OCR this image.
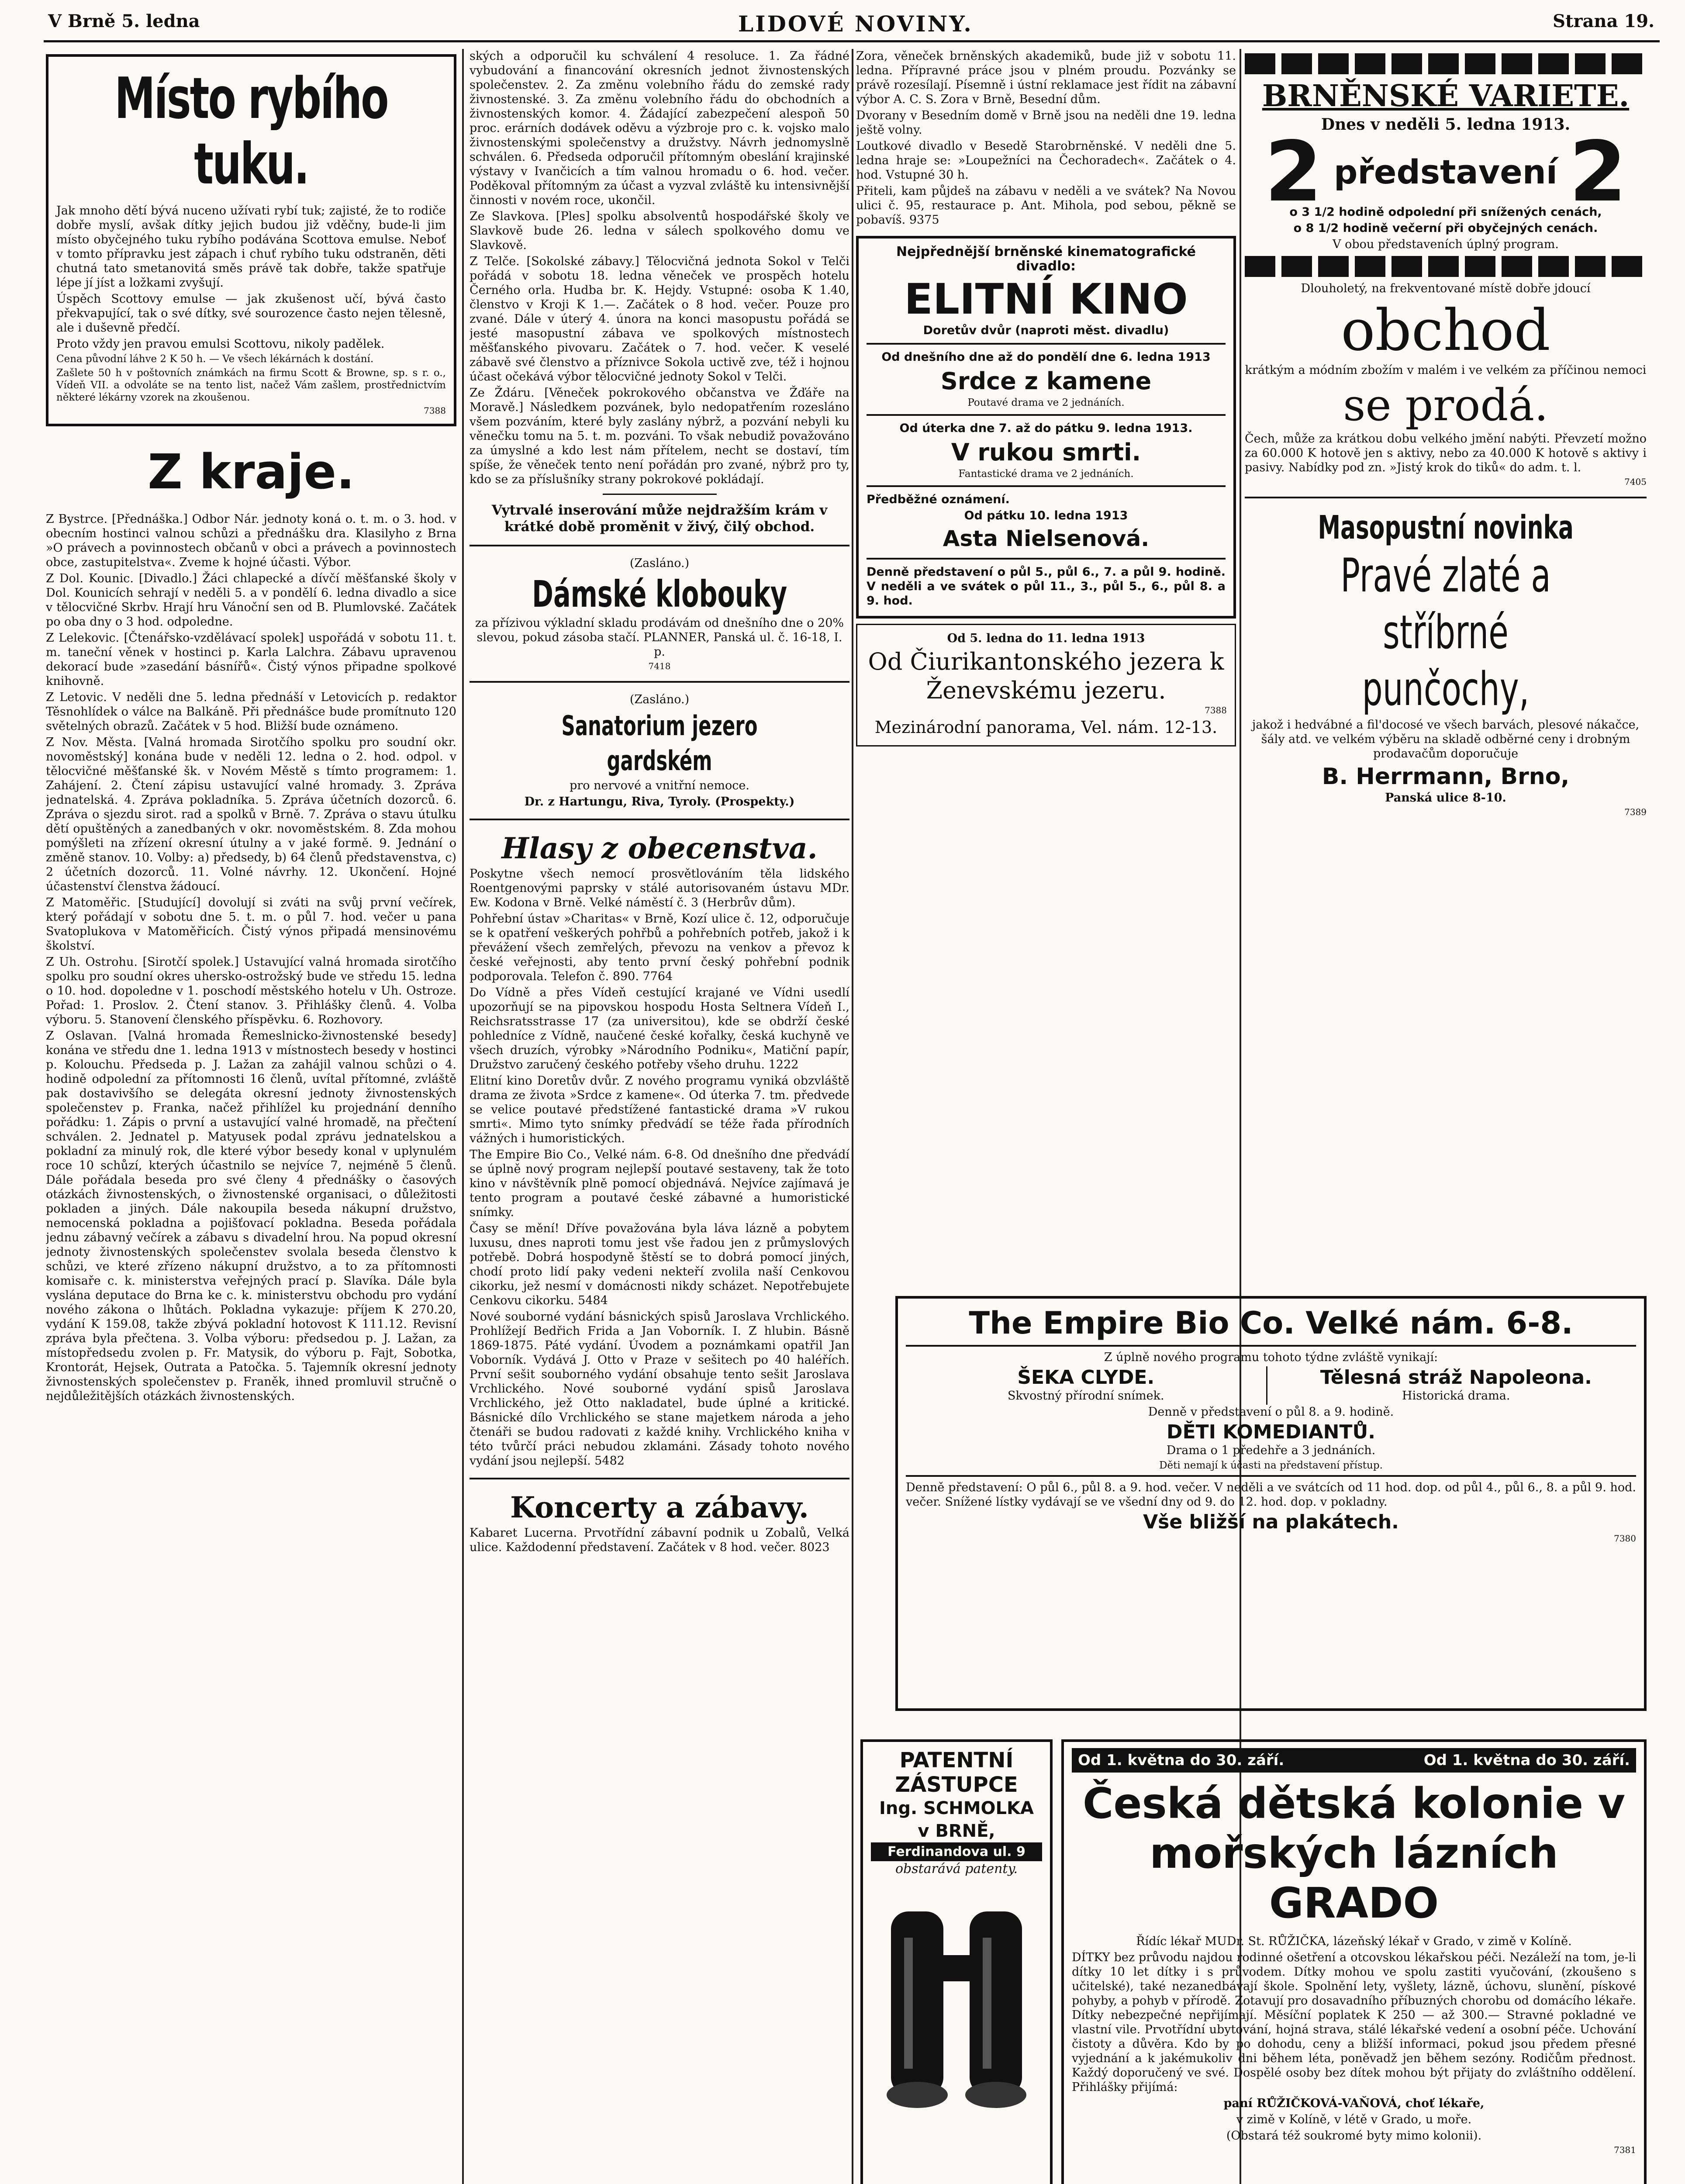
V Brně 5. ledna	LIDOVÉ NOVINY.	Strana 19.
Místo rybího tuku.

Jak mnoho dětí bývá nuceno užívati rybí tuk; zajisté, že to rodiče dobře myslí, avšak dítky jejich budou již vděčny, bude-li jim místo obyčejného tuku rybího podávána Scottova emulse. Neboť v tomto přípravku jest zápach i chuť rybího tuku odstraněn, děti chutná tato smetanovitá směs právě tak dobře, takže spatřuje lépe jí jíst a ložkami zvyšují.

Úspěch Scottovy emulse — jak zkušenost učí, bývá často překvapující, tak o své dítky, své sourozence často nejen tělesně, ale i duševně předčí.

Proto vždy jen pravou emulsi Scottovu, nikoly padělek.

Cena původní láhve 2 K 50 h. — Ve všech lékárnách k dostání.

Zašlete 50 h v poštovních známkách na firmu Scott & Browne, sp. s r. o., Vídeň VII. a odvoláte se na tento list, načež Vám zašlem, prostřednictvím některé lékárny vzorek na zkoušenou.

7388

Z kraje.

Z Bystrce. [Přednáška.] Odbor Nár. jednoty koná o. t. m. o 3. hod. v obecním hostinci valnou schůzi a přednášku dra. Klasilyho z Brna »O právech a povinnostech občanů v obci a právech a povinnostech obce, zastupitelstva«. Zveme k hojné účasti. Výbor.

Z Dol. Kounic. [Divadlo.] Žáci chlapecké a dívčí měšťanské školy v Dol. Kounicích sehrají v neděli 5. a v pondělí 6. ledna divadlo a sice v tělocvičné Skrbv. Hrají hru Vánoční sen od B. Plumlovské. Začátek po oba dny o 3 hod. odpoledne.

Z Lelekovic. [Čtenářsko-vzdělávací spolek] uspořádá v sobotu 11. t. m. taneční věnek v hostinci p. Karla Lalchra. Zábavu upravenou dekorací bude »zasedání básnířů«. Čistý výnos připadne spolkové knihovně.

Z Letovic. V neděli dne 5. ledna přednáší v Letovicích p. redaktor Těsnohlídek o válce na Balkáně. Při přednášce bude promítnuto 120 světelných obrazů. Začátek v 5 hod. Bližší bude oznámeno.

Z Nov. Města. [Valná hromada Sirotčího spolku pro soudní okr. novoměstský] konána bude v neděli 12. ledna o 2. hod. odpol. v tělocvičné měšťanské šk. v Novém Městě s tímto programem: 1. Zahájení. 2. Čtení zápisu ustavující valné hromady. 3. Zpráva jednatelská. 4. Zpráva pokladníka. 5. Zpráva účetních dozorců. 6. Zpráva o sjezdu sirot. rad a spolků v Brně. 7. Zpráva o stavu útulku dětí opuštěných a zanedbaných v okr. novoměstském. 8. Zda mohou pomýšleti na zřízení okresní útulny a v jaké formě. 9. Jednání o změně stanov. 10. Volby: a) předsedy, b) 64 členů představenstva, c) 2 účetních dozorců. 11. Volné návrhy. 12. Ukončení. Hojné účastenství členstva žádoucí.

Z Matoměřic. [Studující] dovolují si zváti na svůj první večírek, který pořádají v sobotu dne 5. t. m. o půl 7. hod. večer u pana Svatoplukova v Matoměřicích. Čistý výnos připadá mensinovému školství.

Z Uh. Ostrohu. [Sirotčí spolek.] Ustavující valná hromada sirotčího spolku pro soudní okres uhersko-ostrožský bude ve středu 15. ledna o 10. hod. dopoledne v 1. poschodí městského hotelu v Uh. Ostroze. Pořad: 1. Proslov. 2. Čtení stanov. 3. Přihlášky členů. 4. Volba výboru. 5. Stanovení členského příspěvku. 6. Rozhovory.

Z Oslavan. [Valná hromada Řemeslnicko-živnostenské besedy] konána ve středu dne 1. ledna 1913 v místnostech besedy v hostinci p. Kolouchu. Předseda p. J. Lažan za zahájil valnou schůzi o 4. hodině odpolední za přítomnosti 16 členů, uvítal přítomné, zvláště pak dostavivšího se delegáta okresní jednoty živnostenských společenstev p. Franka, načež přihlížel ku projednání denního pořádku: 1. Zápis o první a ustavující valné hromadě, na přečtení schválen. 2. Jednatel p. Matyusek podal zprávu jednatelskou a pokladní za minulý rok, dle které výbor besedy konal v uplynulém roce 10 schůzí, kterých účastnilo se nejvíce 7, nejméně 5 členů. Dále pořádala beseda pro své členy 4 přednášky o časových otázkách živnostenských, o živnostenské organisaci, o důležitosti pokladen a jiných. Dále nakoupila beseda nákupní družstvo, nemocenská pokladna a pojišťovací pokladna. Beseda pořádala jednu zábavný večírek a zábavu s divadelní hrou. Na popud okresní jednoty živnostenských společenstev svolala beseda členstvo k schůzi, ve které zřízeno nákupní družstvo, a to za přítomnosti komisaře c. k. ministerstva veřejných prací p. Slavíka. Dále byla vyslána deputace do Brna ke c. k. ministerstvu obchodu pro vydání nového zákona o lhůtách. Pokladna vykazuje: příjem K 270.20, vydání K 159.08, takže zbývá pokladní hotovost K 111.12. Revisní zpráva byla přečtena. 3. Volba výboru: předsedou p. J. Lažan, za místopředsedu zvolen p. Fr. Matysik, do výboru p. Fajt, Sobotka, Krontorát, Hejsek, Outrata a Patočka. 5. Tajemník okresní jednoty živnostenských společenstev p. Franěk, ihned promluvil stručně o nejdůležitějších otázkách živnostenských.

ských a odporučil ku schválení 4 resoluce. 1. Za řádné vybudování a financování okresních jednot živnostenských společenstev. 2. Za změnu volebního řádu do zemské rady živnostenské. 3. Za změnu volebního řádu do obchodních a živnostenských komor. 4. Žádající zabezpečení alespoň 50 proc. erárních dodávek oděvu a výzbroje pro c. k. vojsko malo živnostenskými společenstvy a družstvy. Návrh jednomyslně schválen. 6. Předseda odporučil přítomným obeslání krajinské výstavy v Ivančicích a tím valnou hromadu o 6. hod. večer. Poděkoval přítomným za účast a vyzval zvláště ku intensivnější činnosti v novém roce, ukončil.

Ze Slavkova. [Ples] spolku absolventů hospodářské školy ve Slavkově bude 26. ledna v sálech spolkového domu ve Slavkově.

Z Telče. [Sokolské zábavy.] Tělocvičná jednota Sokol v Telči pořádá v sobotu 18. ledna věneček ve prospěch hotelu Černého orla. Hudba br. K. Hejdy. Vstupné: osoba K 1.40, členstvo v Kroji K 1.—. Začátek o 8 hod. večer. Pouze pro zvané. Dále v úterý 4. února na konci masopustu pořádá se jesté masopustní zábava ve spolkových místnostech měšťanského pivovaru. Začátek o 7. hod. večer. K veselé zábavě své členstvo a příznivce Sokola uctivě zve, též i hojnou účast očekává výbor tělocvičné jednoty Sokol v Telči.

Ze Ždáru. [Věneček pokrokového občanstva ve Žďáře na Moravě.] Následkem pozvánek, bylo nedopatřením rozesláno všem pozváním, které byly zaslány nýbrž, a pozvání nebyli ku věnečku tomu na 5. t. m. pozváni. To však nebudiž považováno za úmyslné a kdo lest nám přítelem, necht se dostaví, tím spíše, že věneček tento není pořádán pro zvané, nýbrž pro ty, kdo se za příslušníky strany pokrokové pokládají.

Vytrvalé inserování může nejdražším krám v krátké době proměnit v živý, čilý obchod.

(Zasláno.)

Dámské klobouky

za přízivou výkladní skladu prodávám od dnešního dne o 20% slevou, pokud zásoba stačí. PLANNER, Panská ul. č. 16-18, I. p.

7418

(Zasláno.)

Sanatorium jezero gardském

pro nervové a vnitřní nemoce.

Dr. z Hartungu, Riva, Tyroly. (Prospekty.)

Hlasy z obecenstva.

Poskytne všech nemocí prosvětlováním těla lidského Roentgenovými paprsky v stálé autorisovaném ústavu MDr. Ew. Kodona v Brně. Velké náměstí č. 3 (Herbrův dům).

Pohřební ústav »Charitas« v Brně, Kozí ulice č. 12, odporučuje se k opatření veškerých pohřbů a pohřebních potřeb, jakož i k převážení všech zemřelých, převozu na venkov a převoz k české veřejnosti, aby tento první český pohřební podnik podporovala. Telefon č. 890. 7764

Do Vídně a přes Vídeň cestující krajané ve Vídni usedlí upozorňují se na pipovskou hospodu Hosta Seltnera Vídeň I., Reichsratsstrasse 17 (za universitou), kde se obdrží české pohledníce z Vídně, naučené české kořalky, česká kuchyně ve všech druzích, výrobky »Národního Podniku«, Matiční papír, Družstvo zaručený českého potřeby všeho druhu. 1222

Elitní kino Doretův dvůr. Z nového programu vyniká obzvláště drama ze života »Srdce z kamene«. Od úterka 7. tm. předvede se velice poutavé předstížené fantastické drama »V rukou smrti«. Mimo tyto snímky předvádí se téže řada přírodních vážných i humoristických.

The Empire Bio Co., Velké nám. 6-8. Od dnešního dne předvádí se úplně nový program nejlepší poutavé sestaveny, tak že toto kino v návštěvník plně pomocí objednává. Nejvíce zajímavá je tento program a poutavé české zábavné a humoristické snímky.

Časy se mění! Dříve považována byla láva lázně a pobytem luxusu, dnes naproti tomu jest vše řadou jen z průmyslových potřebě. Dobrá hospodyně štěstí se to dobrá pomocí jiných, chodí proto lidí paky vedeni nekteří zvolila naší Cenkovou cikorku, jež nesmí v domácnosti nikdy scházet. Nepotřebujete Cenkovu cikorku. 5484

Nové souborné vydání básnických spisů Jaroslava Vrchlického. Prohlížejí Bedřich Frida a Jan Voborník. I. Z hlubin. Básně 1869-1875. Páté vydání. Úvodem a poznámkami opatřil Jan Voborník. Vydává J. Otto v Praze v sešitech po 40 haléřích. První sešit souborného vydání obsahuje tento sešit Jaroslava Vrchlického. Nové souborné vydání spisů Jaroslava Vrchlického, jež Otto nakladatel, bude úplné a kritické. Básnické dílo Vrchlického se stane majetkem národa a jeho čtenáři se budou radovati z každé knihy. Vrchlického kniha v této tvůrčí práci nebudou zklamáni. Zásady tohoto nového vydání jsou nejlepší. 5482

Koncerty a zábavy.

Kabaret Lucerna. Prvotřídní zábavní podnik u Zobalů, Velká ulice. Každodenní představení. Začátek v 8 hod. večer. 8023

Zora, věneček brněnských akademiků, bude již v sobotu 11. ledna. Přípravné práce jsou v plném proudu. Pozvánky se právě rozesílají. Písemně i ústní reklamace jest řídit na zábavní výbor A. C. S. Zora v Brně, Besední dům.

Dvorany v Besedním domě v Brně jsou na neděli dne 19. ledna ještě volny.

Loutkové divadlo v Besedě Starobrněnské. V neděli dne 5. ledna hraje se: »Loupežníci na Čechoradech«. Začátek o 4. hod. Vstupné 30 h.

Přiteli, kam půjdeš na zábavu v neděli a ve svátek? Na Novou ulici č. 95, restaurace p. Ant. Mihola, pod sebou, pěkně se pobavíš. 9375

Nejpřednější brněnské kinematografické divadlo:

ELITNÍ KINO

Doretův dvůr (naproti měst. divadlu)

Od dnešního dne až do pondělí dne 6. ledna 1913

Srdce z kamene

Poutavé drama ve 2 jednáních.

Od úterka dne 7. až do pátku 9. ledna 1913.

V rukou smrti.

Fantastické drama ve 2 jednáních.

Předběžné oznámení.

Od pátku 10. ledna 1913

Asta Nielsenová.

Denně představení o půl 5., půl 6., 7. a půl 9. hodině. V neděli a ve svátek o půl 11., 3., půl 5., 6., půl 8. a 9. hod.

Od 5. ledna do 11. ledna 1913

Od Čiurikantonského jezera k Ženevskému jezeru.

7388

Mezinárodní panorama, Vel. nám. 12-13.

BRNĚNSKÉ VARIETE.

Dnes v neděli 5. ledna 1913.

2 představení 2

o 3 1/2 hodině odpolední při snížených cenách,

o 8 1/2 hodině večerní při obyčejných cenách.

V obou představeních úplný program.

Dlouholetý, na frekventované místě dobře jdoucí

obchod

krátkým a módním zbožím v malém i ve velkém za příčinou nemoci

se prodá.

Čech, může za krátkou dobu velkého jmění nabýti. Převzetí možno za 60.000 K hotově jen s aktivy, nebo za 40.000 K hotově s aktivy i pasivy. Nabídky pod zn. »Jistý krok do tiků« do adm. t. l.

7405

Masopustní novinka
Pravé zlaté a stříbrné punčochy,

jakož i hedvábné a fil'docosé ve všech barvách, plesové nákačce, šály atd. ve velkém výběru na skladě odběrné ceny i drobným prodavačům doporučuje

B. Herrmann, Brno,

Panská ulice 8-10.

7389

The Empire Bio Co. Velké nám. 6-8.

Z úplně nového programu tohoto týdne zvláště vynikají:

ŠEKA CLYDE.

Skvostný přírodní snímek.

Tělesná stráž Napoleona.

Historická drama.

Denně v představení o půl 8. a 9. hodině.

DĚTI KOMEDIANTŮ.

Drama o 1 předehře a 3 jednáních.

Děti nemají k účasti na představení přístup.

Denně představení: O půl 6., půl 8. a 9. hod. večer. V neděli a ve svátcích od 11 hod. dop. od půl 4., půl 6., 8. a půl 9. hod. večer. Snížené lístky vydávají se ve všední dny od 9. do 12. hod. dop. v pokladny.

Vše bližší na plakátech.

7380

PATENTNÍ ZÁSTUPCE
Ing. SCHMOLKA
v BRNĚ,
Ferdinandova ul. 9
obstarává patenty.

Od 1. května do 30. září.	Od 1. května do 30. září.
Česká dětská kolonie v mořských lázních GRADO

Řídíc lékař MUDr. St. RŮŽIČKA, lázeňský lékař v Grado, v zimě v Kolíně.

DÍTKY bez průvodu najdou rodinné ošetření a otcovskou lékařskou péči. Nezáleží na tom, je-li dítky 10 let dítky i s průvodem. Dítky mohou ve spolu zastiti vyučování, (zkoušeno s učitelské), také nezanedbávají škole. Spolnění lety, vyšlety, lázně, úchovu, slunění, pískové pohyby, a pohyb v přírodě. Zotavují pro dosavadního příbuzných chorobu od domácího lékaře. Dítky nebezpečné nepřijímají. Měsíční poplatek K 250 — až 300.— Stravné pokladné ve vlastní vile. Prvotřídní ubytování, hojná strava, stálé lékařské vedení a osobní péče. Uchování čistoty a důvěra. Kdo by po dohodu, ceny a bližší informaci, pokud jsou předem přesné vyjednání a k jakémukoliv dni během léta, poněvadž jen během sezóny. Rodičům přednost. Každý doporučený ve své. Dospělé osoby bez dítek mohou být přijaty do zvláštního oddělení. Přihlášky přijímá:

paní RŮŽIČKOVÁ-VAŇOVÁ, choť lékaře,

v zimě v Kolíně, v létě v Grado, u moře.

(Obstará též soukromé byty mimo kolonii).

7381
